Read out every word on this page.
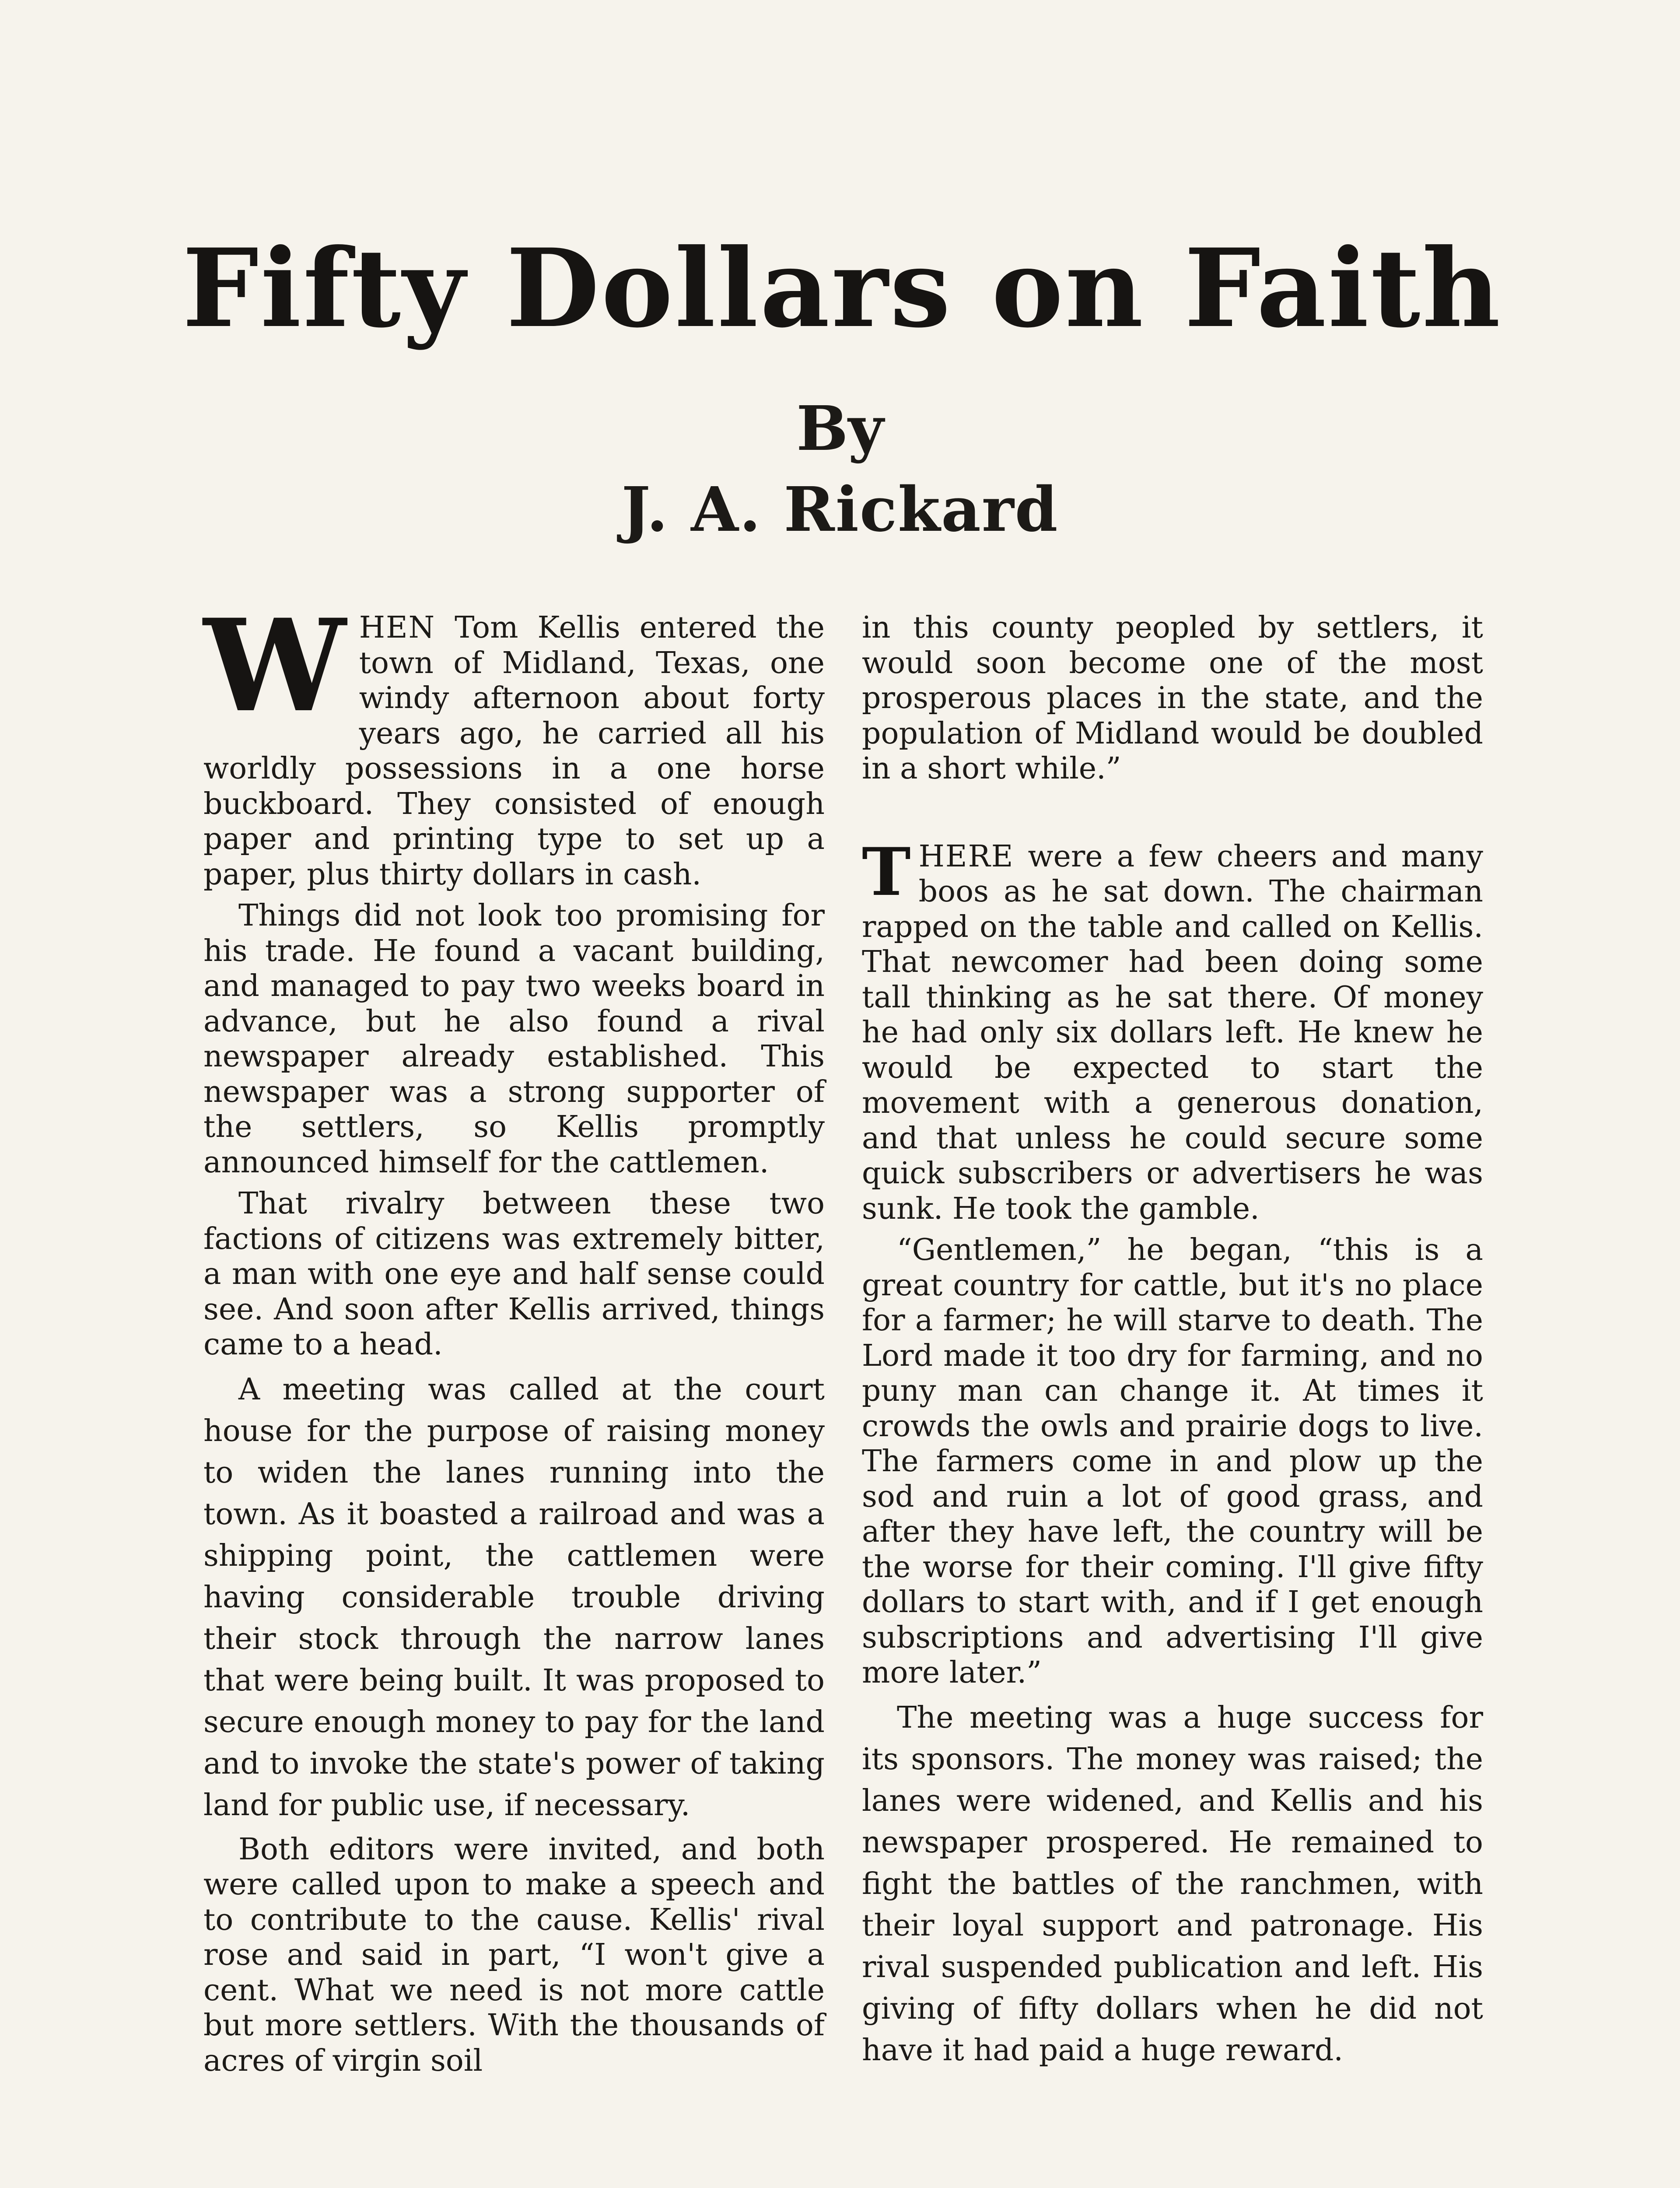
Fifty Dollars on Faith

By

J. A. Rickard

WHEN Tom Kellis entered the town of Midland, Texas, one windy afternoon about forty years ago, he carried all his worldly possessions in a one horse buckboard. They consisted of enough paper and printing type to set up a paper, plus thirty dollars in cash.

Things did not look too promising for his trade. He found a vacant building, and managed to pay two weeks board in advance, but he also found a rival newspaper already established. This newspaper was a strong supporter of the settlers, so Kellis promptly announced himself for the cattlemen.

That rivalry between these two factions of citizens was extremely bitter, a man with one eye and half sense could see. And soon after Kellis arrived, things came to a head.

A meeting was called at the court house for the purpose of raising money to widen the lanes running into the town. As it boasted a railroad and was a shipping point, the cattlemen were having considerable trouble driving their stock through the narrow lanes that were being built. It was proposed to secure enough money to pay for the land and to invoke the state's power of taking land for public use, if necessary.

Both editors were invited, and both were called upon to make a speech and to contribute to the cause. Kellis' rival rose and said in part, “I won't give a cent. What we need is not more cattle but more settlers. With the thousands of acres of virgin soil

in this county peopled by settlers, it would soon become one of the most prosperous places in the state, and the population of Midland would be doubled in a short while.”

THERE were a few cheers and many boos as he sat down. The chairman rapped on the table and called on Kellis. That newcomer had been doing some tall thinking as he sat there. Of money he had only six dollars left. He knew he would be expected to start the movement with a generous donation, and that unless he could secure some quick subscribers or advertisers he was sunk. He took the gamble.

“Gentlemen,” he began, “this is a great country for cattle, but it's no place for a farmer; he will starve to death. The Lord made it too dry for farming, and no puny man can change it. At times it crowds the owls and prairie dogs to live. The farmers come in and plow up the sod and ruin a lot of good grass, and after they have left, the country will be the worse for their coming. I'll give fifty dollars to start with, and if I get enough subscriptions and advertising I'll give more later.”

The meeting was a huge success for its sponsors. The money was raised; the lanes were widened, and Kellis and his newspaper prospered. He remained to fight the battles of the ranchmen, with their loyal support and patronage. His rival suspended publication and left. His giving of fifty dollars when he did not have it had paid a huge reward.
